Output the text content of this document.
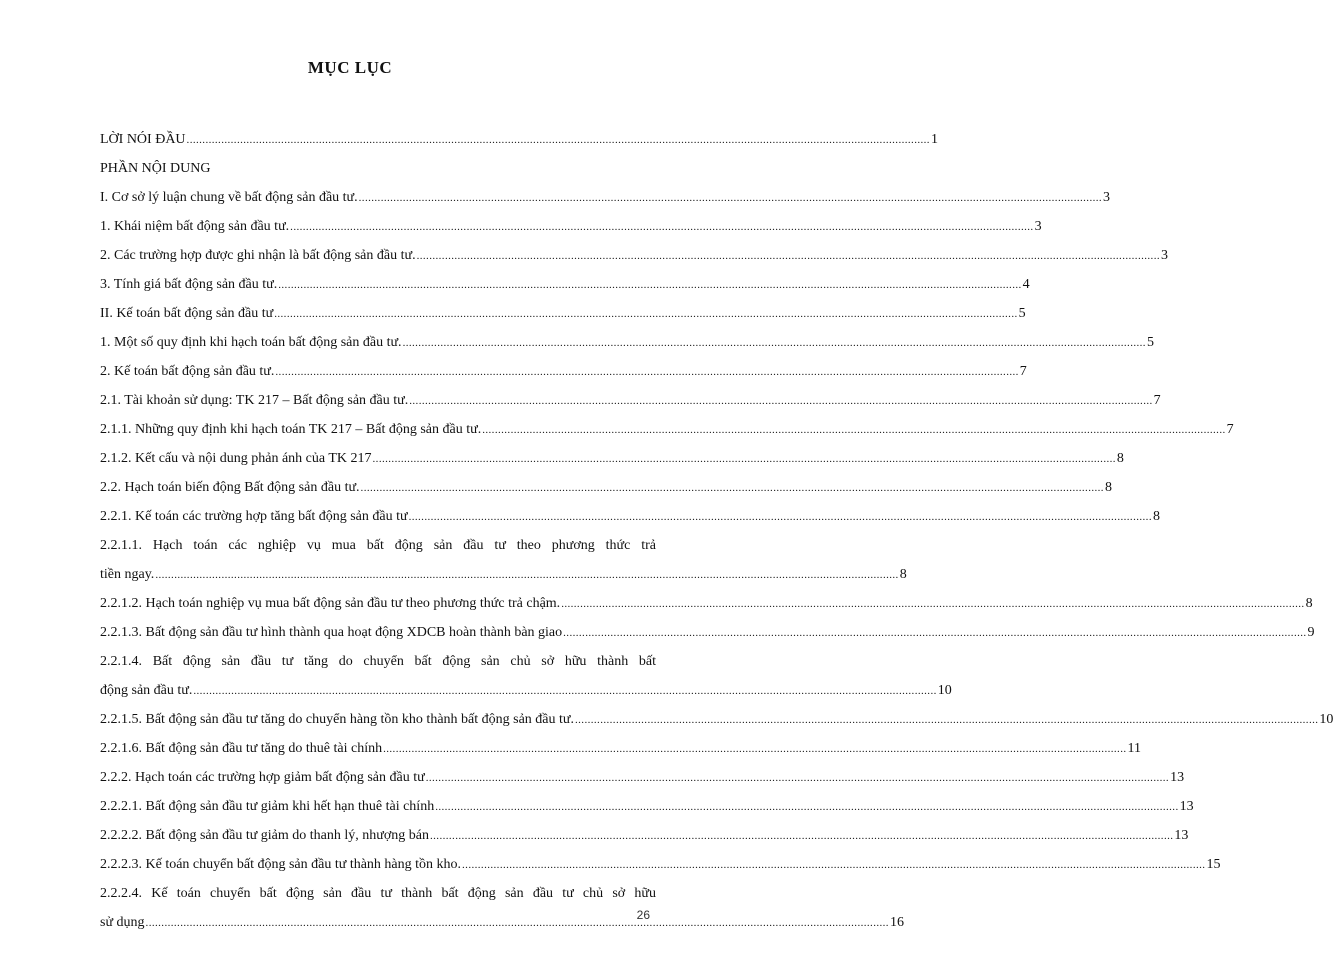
MỤC LỤC
LỜI NÓI ĐẦU .....	1
PHẦN NỘI DUNG
I. Cơ sở lý luận chung về bất động sản đầu tư. .....	3
1. Khái niệm bất động sản đầu tư. .....	3
2. Các trường hợp được ghi nhận là bất động sản đầu tư. .....	3
3. Tính giá bất động sản đầu tư. .....	4
II. Kế toán bất động sản đầu tư .....	5
1. Một số quy định khi hạch toán bất động sản đầu tư. .....	5
2. Kế toán bất động sản đầu tư. .....	7
2.1. Tài khoản sử dụng: TK 217 – Bất động sản đầu tư. .....	7
2.1.1. Những quy định khi hạch toán TK 217 – Bất động sản đầu tư. .....	7
2.1.2. Kết cấu và nội dung phản ánh của TK 217 .....	8
2.2. Hạch toán biến động Bất động sản đầu tư. .....	8
2.2.1. Kế toán các trường hợp tăng bất động sản đầu tư .....	8
2.2.1.1. Hạch toán các nghiệp vụ mua bất động sản đầu tư theo phương thức trả
tiền ngay. .....	8
2.2.1.2. Hạch toán nghiệp vụ mua bất động sản đầu tư theo phương thức trả chậm. .....	8
2.2.1.3. Bất động sản đầu tư hình thành qua hoạt động XDCB hoàn thành bàn giao .....	9
2.2.1.4. Bất động sản đầu tư tăng do chuyển bất động sản chủ sở hữu thành bất
động sản đầu tư. .....	10
2.2.1.5. Bất động sản đầu tư tăng do chuyển hàng tồn kho thành bất động sản đầu tư. .....	10
2.2.1.6. Bất động sản đầu tư tăng do thuê tài chính .....	11
2.2.2. Hạch toán các trường hợp giảm bất động sản đầu tư .....	13
2.2.2.1. Bất động sản đầu tư giảm khi hết hạn thuê tài chính .....	13
2.2.2.2. Bất động sản đầu tư giảm do thanh lý, nhượng bán .....	13
2.2.2.3. Kế toán chuyển bất động sản đầu tư thành hàng tồn kho. .....	15
2.2.2.4. Kế toán chuyển bất động sản đầu tư thành bất động sản đầu tư chủ sở hữu
sử dụng .....	16
26
